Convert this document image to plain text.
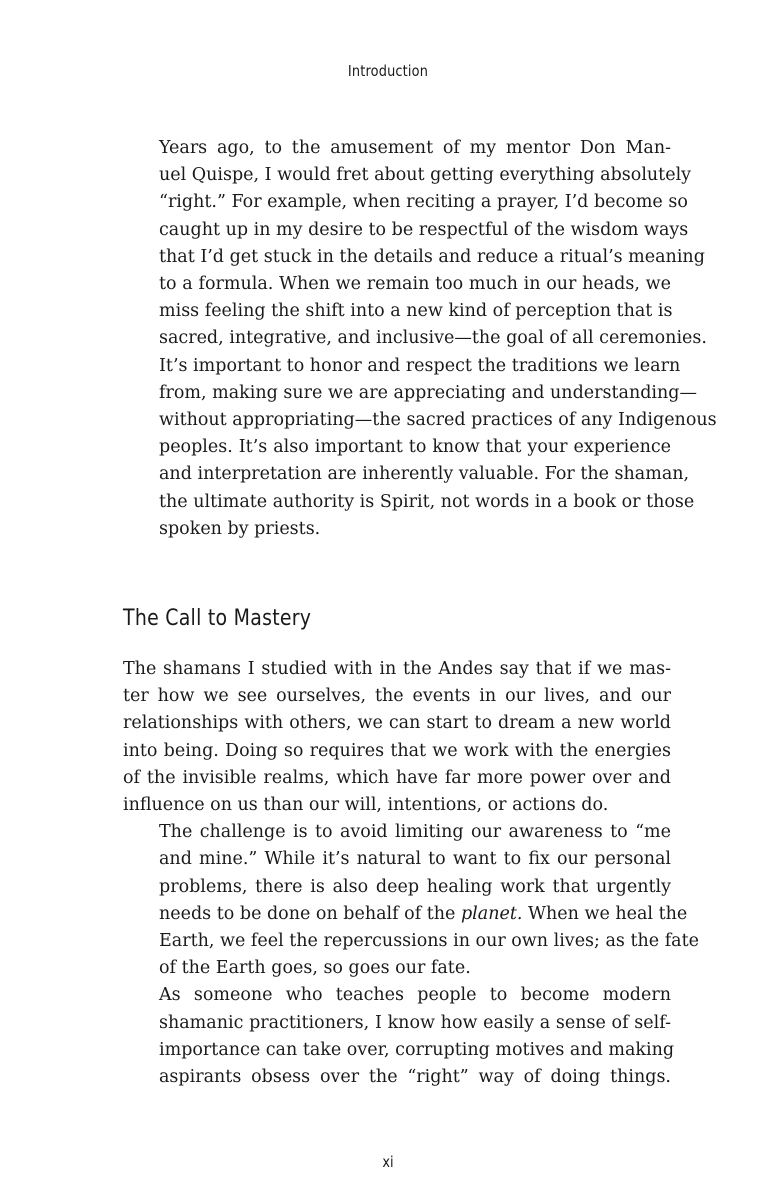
Introduction

Years ago, to the amusement of my mentor Don Man-
uel Quispe, I would fret about getting everything absolutely
“right.” For example, when reciting a prayer, I’d become so
caught up in my desire to be respectful of the wisdom ways
that I’d get stuck in the details and reduce a ritual’s meaning
to a formula. When we remain too much in our heads, we
miss feeling the shift into a new kind of perception that is
sacred, integrative, and inclusive—the goal of all ceremonies.

It’s important to honor and respect the traditions we learn
from, making sure we are appreciating and understanding—
without appropriating—the sacred practices of any Indigenous
peoples. It’s also important to know that your experience
and interpretation are inherently valuable. For the shaman,
the ultimate authority is Spirit, not words in a book or those
spoken by priests.

The Call to Mastery

The shamans I studied with in the Andes say that if we mas-
ter how we see ourselves, the events in our lives, and our
relationships with others, we can start to dream a new world
into being. Doing so requires that we work with the energies
of the invisible realms, which have far more power over and
influence on us than our will, intentions, or actions do.

The challenge is to avoid limiting our awareness to “me
and mine.” While it’s natural to want to fix our personal
problems, there is also deep healing work that urgently
needs to be done on behalf of the planet. When we heal the
Earth, we feel the repercussions in our own lives; as the fate
of the Earth goes, so goes our fate.

As someone who teaches people to become modern
shamanic practitioners, I know how easily a sense of self-
importance can take over, corrupting motives and making
aspirants obsess over the “right” way of doing things.

xi
